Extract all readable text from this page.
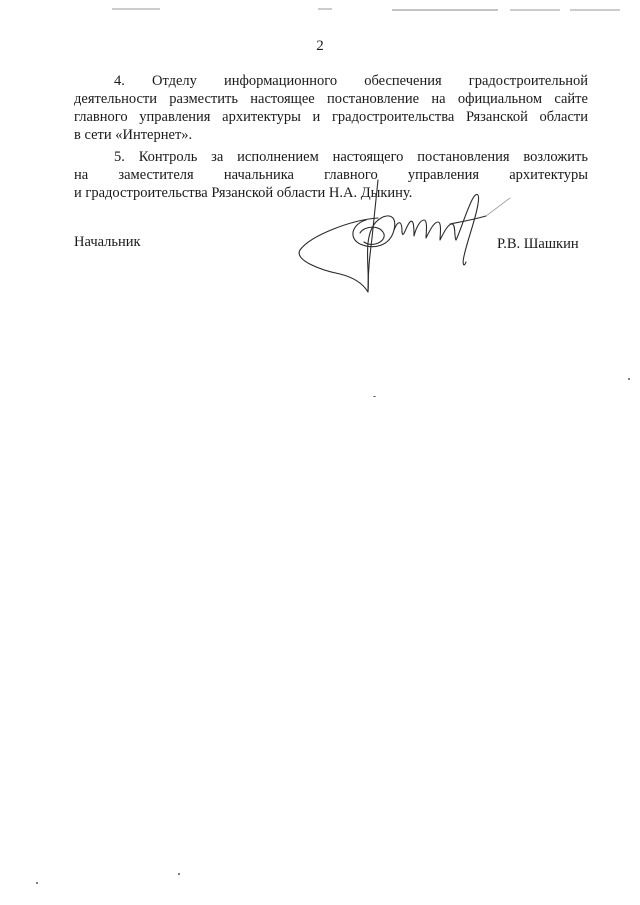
2
4. Отделу информационного обеспечения градостроительной
деятельности разместить настоящее постановление на официальном сайте
главного управления архитектуры и градостроительства Рязанской области
в сети «Интернет».
5. Контроль за исполнением настоящего постановления возложить
на заместителя начальника главного управления архитектуры
и градостроительства Рязанской области Н.А. Дыкину.
Начальник	Р.В. Шашкин
